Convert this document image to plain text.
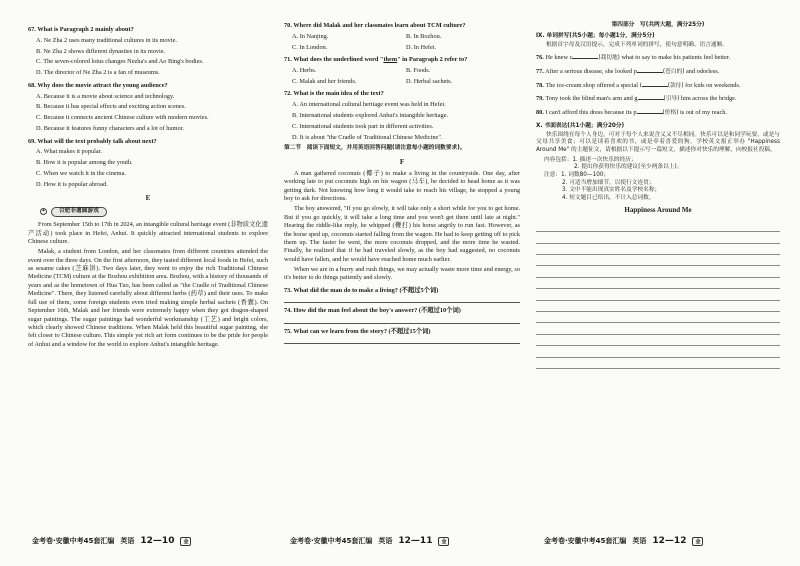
67. What is Paragraph 2 mainly about?
A. Ne Zha 2 uses many traditional cultures in its movie.
B. Ne Zha 2 shows different dynasties in its movie.
C. The seven-colored lotus changes Nezha's and Ao Bing's bodies.
D. The director of Ne Zha 2 is a fan of museums.
68. Why does the movie attract the young audience?
A. Because it is a movie about science and technology.
B. Because it has special effects and exciting action scenes.
C. Because it connects ancient Chinese culture with modern movies.
D. Because it features funny characters and a lot of humor.
69. What will the text probably talk about next?
A. What makes it popular.
B. How it is popular among the youth.
C. When we watch it in the cinema.
D. How it is popular abroad.
E
✦	合肥非遗圆游戏
From September 15th to 17th in 2024, an intangible cultural heritage event (非物质文化遗产活动) took place in Hefei, Anhui. It quickly attracted international students to explore Chinese culture.
Malak, a student from London, and her classmates from different countries attended the event over the three days. On the first afternoon, they tasted different local foods in Hefei, such as sesame cakes (芝麻饼). Two days later, they went to enjoy the rich Traditional Chinese Medicine (TCM) culture at the Bozhou exhibition area. Bozhou, with a history of thousands of years and as the hometown of Hua Tuo, has been called as "the Cradle of Traditional Chinese Medicine". There, they listened carefully about different herbs (药草) and their uses. To make full use of them, some foreign students even tried making simple herbal sachets (香囊). On September 16th, Malak and her friends were extremely happy when they got dragon-shaped sugar paintings. The sugar paintings had wonderful workmanship (工艺) and bright colors, which clearly showed Chinese traditions. When Malak held this beautiful sugar painting, she felt closer to Chinese culture. This simple yet rich art form continues to be the pride for people of Anhui and a window for the world to explore Anhui's intangible heritage.
70. Where did Malak and her classmates learn about TCM culture?
A. In Nanjing.	B. In Bozhou.
C. In London.	D. In Hefei.
71. What does the underlined word "them" in Paragraph 2 refer to?
A. Herbs.	B. Foods.
C. Malak and her friends.	D. Herbal sachets.
72. What is the main idea of the text?
A. An international cultural heritage event was held in Hefei.
B. International students explored Anhui's intangible heritage.
C. International students took part in different activities.
D. It is about "the Cradle of Traditional Chinese Medicine".
第二节　阅读下面短文，并用英语回答问题(请注意每小题的词数要求)。
F
A man gathered coconuts (椰子) to make a living in the countryside. One day, after working late to put coconuts high on his wagon (马车), he decided to head home as it was getting dark. Not knowing how long it would take to reach his village, he stopped a young boy to ask for directions.
The boy answered, "If you go slowly, it will take only a short while for you to get home. But if you go quickly, it will take a long time and you won't get there until late at night." Hearing the riddle-like reply, he whipped (鞭打) his horse angrily to run fast. However, as the horse sped up, coconuts started falling from the wagon. He had to keep getting off to pick them up. The faster he went, the more coconuts dropped, and the more time he wasted. Finally, he realized that if he had traveled slowly, as the boy had suggested, no coconuts would have fallen, and he would have reached home much earlier.
When we are in a hurry and rush things, we may actually waste more time and energy, so it's better to do things patiently and slowly.
73. What did the man do to make a living? (不超过5个词)
74. How did the man feel about the boy's answer? (不超过10个词)
75. What can we learn from the story? (不超过15个词)
第四部分　写(共两大题，满分25分)
Ⅸ. 单词拼写(共5小题；每小题1分，满分5分)
根据首字母及汉语提示，完成下列单词的拼写，使句意明确、语言通顺。
76. He knew c	(栽切地) what to say to make his patients feel better.
77. After a serious disease, she looked p	(苍白的) and odorless.
78. The ice-cream shop offered a special f	(款待) for kids on weekends.
79. Tony took the blind man's arm and g	(引导) him across the bridge.
80. I can't afford this dress because its p	(价格) is out of my reach.
X. 书面表达(共1小题；满分20分)
快乐围绕在每个人身边，可对于每个人来说含义又不尽相同。快乐可以是和同学玩耍，或是与父母共享美食；可以是读着喜欢的书，或是牵着喜爱的狗。学校英文报正举办 "Happiness Around Me" 的主题征文，请根据以下提示写一篇短文，描述你对快乐的理解，向校报社投稿。
内容包括：1. 描述一次快乐的经历；
2. 提出你获得快乐的建议(至少两条以上)。
注意：1. 词数80—100；
2. 可适当增加细节，以使行文连贯；
3. 文中不能出现真实姓名及学校名称；
4. 短文题目已给出，不计入总词数。
Happiness Around Me
金考卷·安徽中考45套汇编 英语 12—10	金	金考卷·安徽中考45套汇编 英语 12—11	金	金考卷·安徽中考45套汇编 英语 12—12	金
